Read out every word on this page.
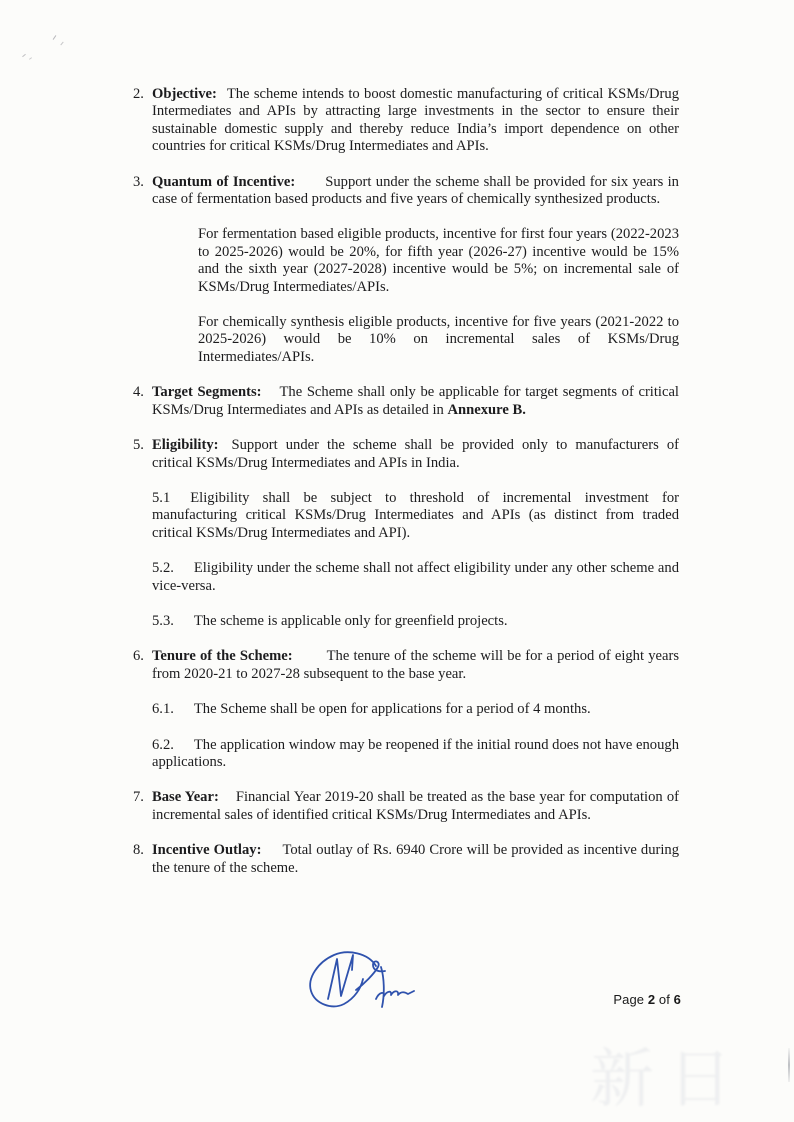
2. Objective: The scheme intends to boost domestic manufacturing of critical KSMs/Drug Intermediates and APIs by attracting large investments in the sector to ensure their sustainable domestic supply and thereby reduce India’s import dependence on other countries for critical KSMs/Drug Intermediates and APIs.

3. Quantum of Incentive: Support under the scheme shall be provided for six years in case of fermentation based products and five years of chemically synthesized products.

For fermentation based eligible products, incentive for first four years (2022-2023 to 2025-2026) would be 20%, for fifth year (2026-27) incentive would be 15% and the sixth year (2027-2028) incentive would be 5%; on incremental sale of KSMs/Drug Intermediates/APIs.

For chemically synthesis eligible products, incentive for five years (2021-2022 to 2025-2026) would be 10% on incremental sales of KSMs/Drug Intermediates/APIs.

4. Target Segments: The Scheme shall only be applicable for target segments of critical KSMs/Drug Intermediates and APIs as detailed in Annexure B.

5. Eligibility: Support under the scheme shall be provided only to manufacturers of critical KSMs/Drug Intermediates and APIs in India.

5.1 Eligibility shall be subject to threshold of incremental investment for manufacturing critical KSMs/Drug Intermediates and APIs (as distinct from traded critical KSMs/Drug Intermediates and API).

5.2. Eligibility under the scheme shall not affect eligibility under any other scheme and vice-versa.

5.3. The scheme is applicable only for greenfield projects.

6. Tenure of the Scheme: The tenure of the scheme will be for a period of eight years from 2020-21 to 2027-28 subsequent to the base year.

6.1. The Scheme shall be open for applications for a period of 4 months.

6.2. The application window may be reopened if the initial round does not have enough applications.

7. Base Year: Financial Year 2019-20 shall be treated as the base year for computation of incremental sales of identified critical KSMs/Drug Intermediates and APIs.

8. Incentive Outlay: Total outlay of Rs. 6940 Crore will be provided as incentive during the tenure of the scheme.

Page 2 of 6
新日
